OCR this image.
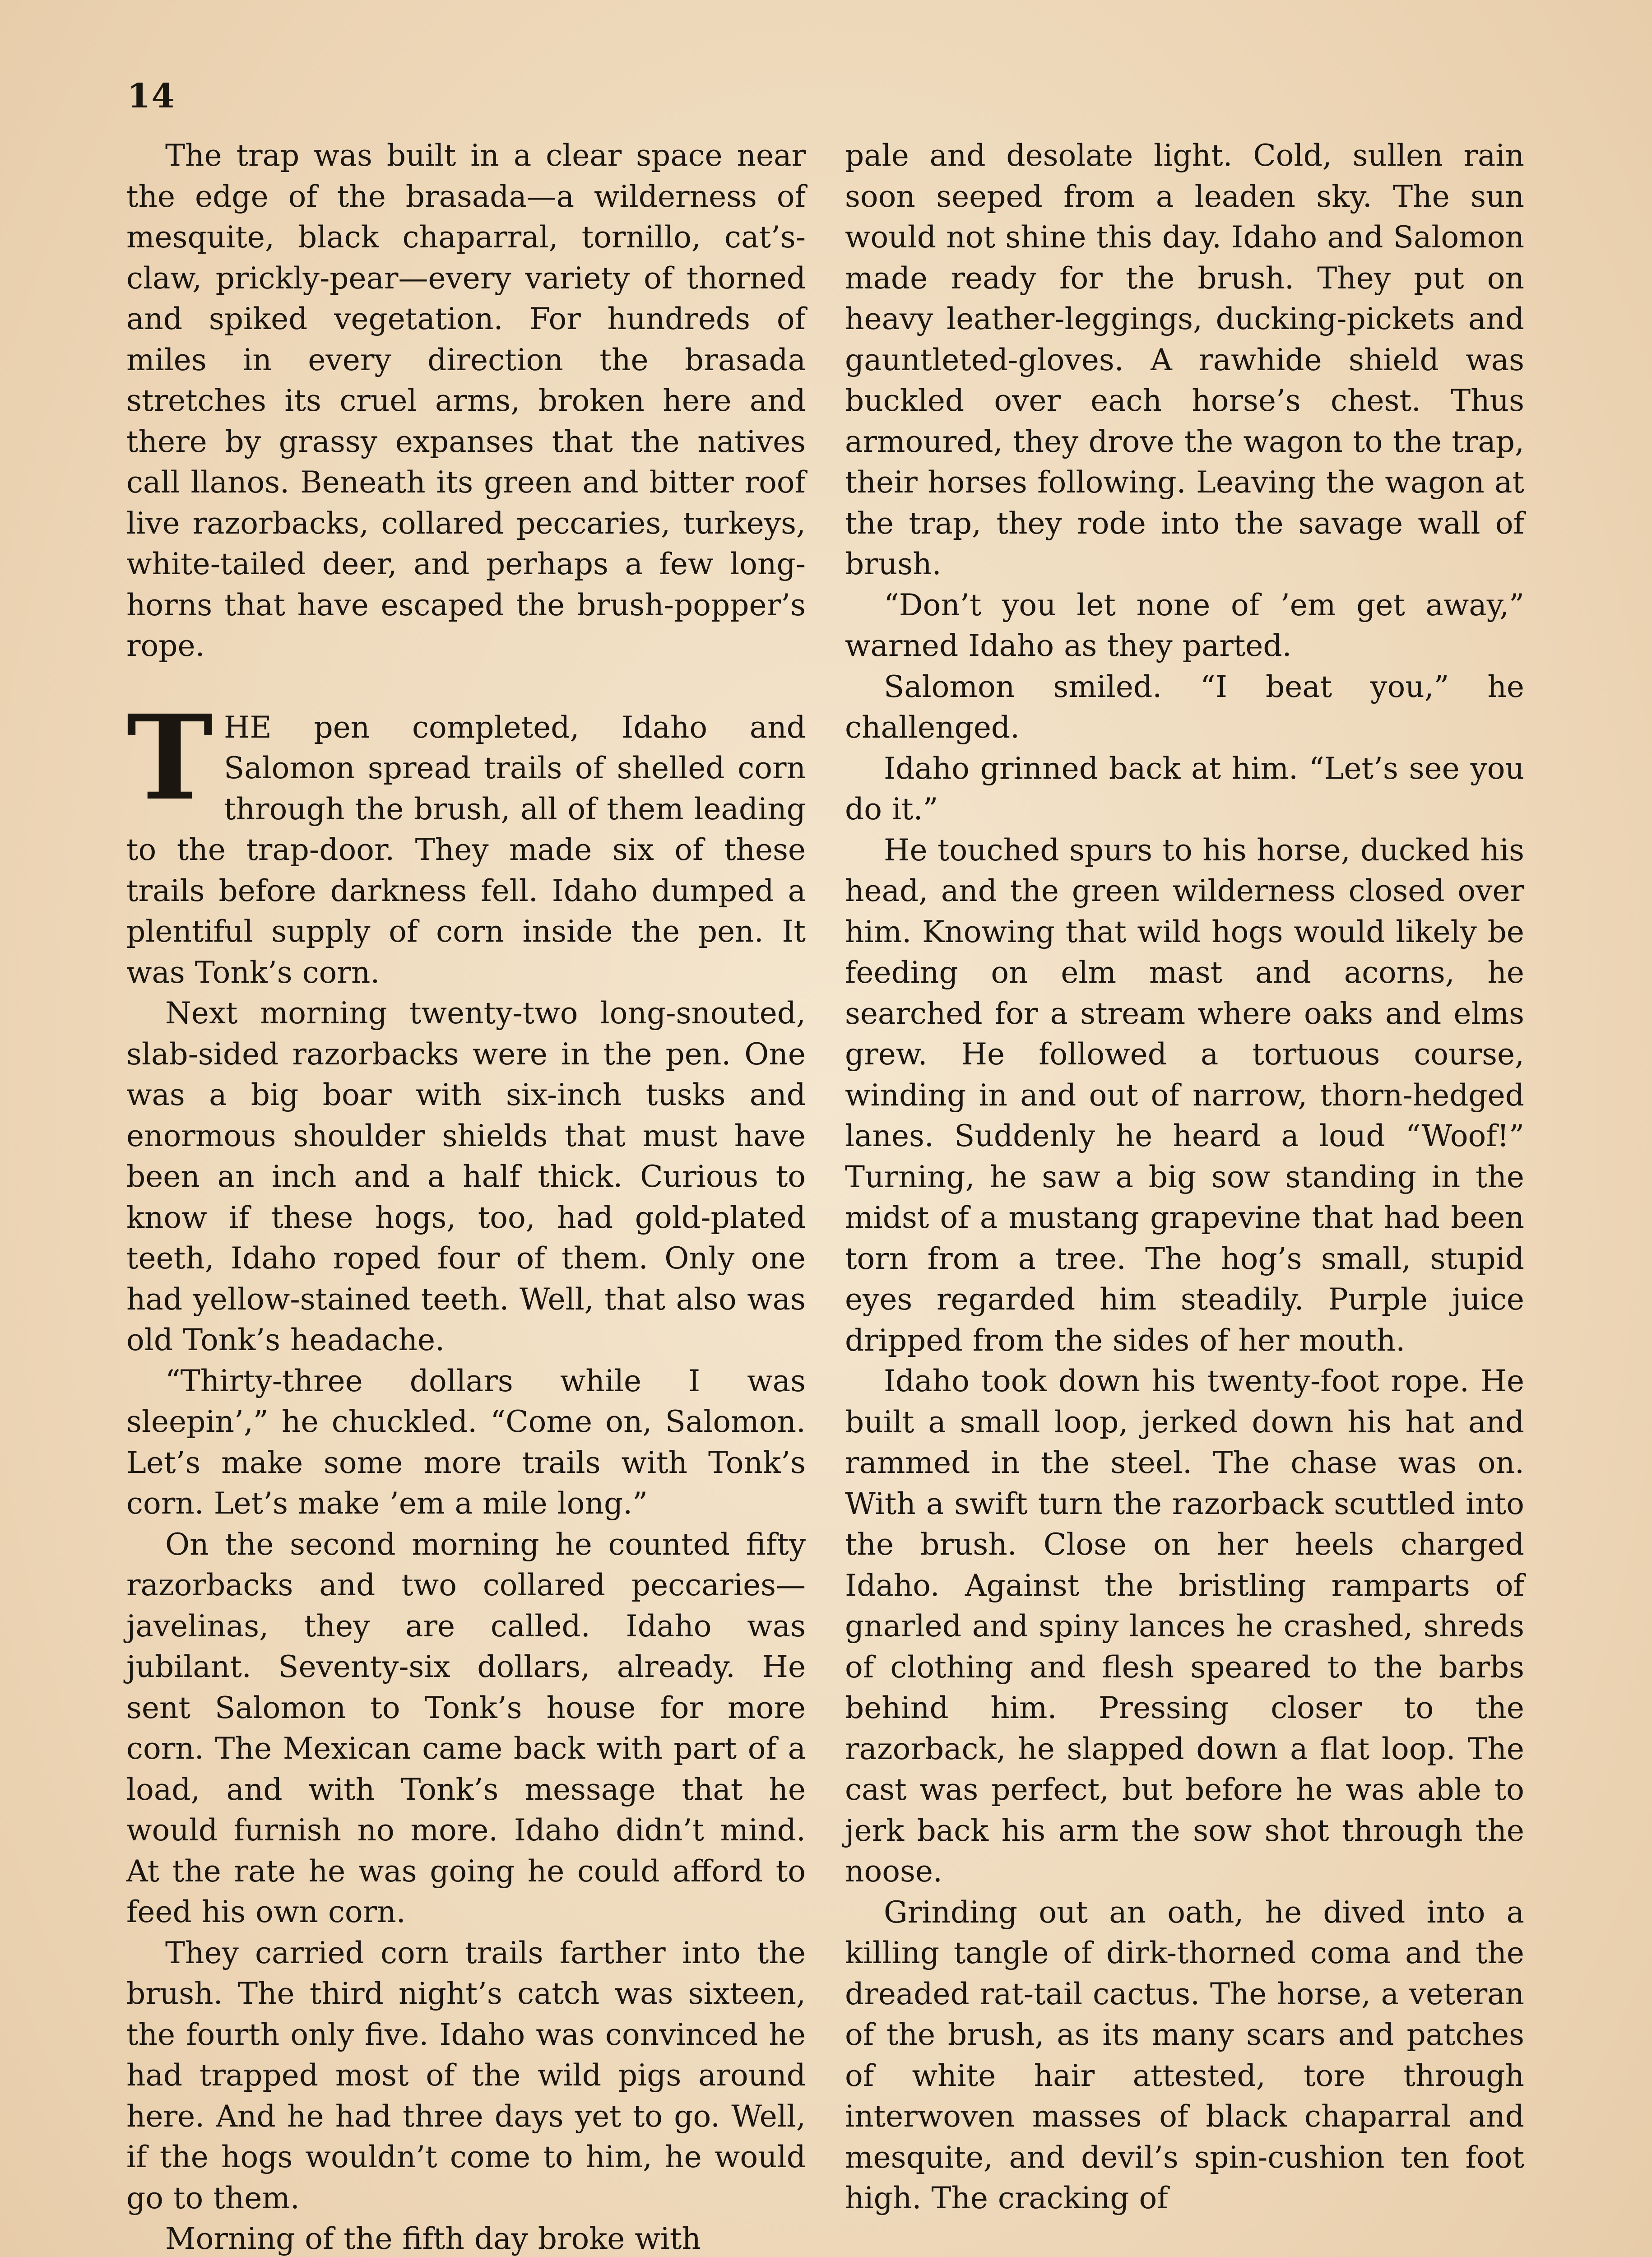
14

The trap was built in a clear space near the edge of the brasada—a wilderness of mesquite, black chaparral, tornillo, cat’s-claw, prickly-pear—every variety of thorned and spiked vegetation. For hundreds of miles in every direction the brasada stretches its cruel arms, broken here and there by grassy expanses that the natives call llanos. Beneath its green and bitter roof live razorbacks, collared peccaries, turkeys, white-tailed deer, and perhaps a few long-horns that have escaped the brush-popper’s rope.

THE pen completed, Idaho and Salomon spread trails of shelled corn through the brush, all of them leading to the trap-door. They made six of these trails before darkness fell. Idaho dumped a plentiful supply of corn inside the pen. It was Tonk’s corn.

Next morning twenty-two long-snouted, slab-sided razorbacks were in the pen. One was a big boar with six-inch tusks and enormous shoulder shields that must have been an inch and a half thick. Curious to know if these hogs, too, had gold-plated teeth, Idaho roped four of them. Only one had yellow-stained teeth. Well, that also was old Tonk’s headache.

“Thirty-three dollars while I was sleepin’,” he chuckled. “Come on, Salomon. Let’s make some more trails with Tonk’s corn. Let’s make ’em a mile long.”

On the second morning he counted fifty razorbacks and two collared peccaries—javelinas, they are called. Idaho was jubilant. Seventy-six dollars, already. He sent Salomon to Tonk’s house for more corn. The Mexican came back with part of a load, and with Tonk’s message that he would furnish no more. Idaho didn’t mind. At the rate he was going he could afford to feed his own corn.

They carried corn trails farther into the brush. The third night’s catch was sixteen, the fourth only five. Idaho was convinced he had trapped most of the wild pigs around here. And he had three days yet to go. Well, if the hogs wouldn’t come to him, he would go to them.

Morning of the fifth day broke with

pale and desolate light. Cold, sullen rain soon seeped from a leaden sky. The sun would not shine this day. Idaho and Salomon made ready for the brush. They put on heavy leather-leggings, ducking-pickets and gauntleted-gloves. A rawhide shield was buckled over each horse’s chest. Thus armoured, they drove the wagon to the trap, their horses following. Leaving the wagon at the trap, they rode into the savage wall of brush.

“Don’t you let none of ’em get away,” warned Idaho as they parted.

Salomon smiled. “I beat you,” he challenged.

Idaho grinned back at him. “Let’s see you do it.”

He touched spurs to his horse, ducked his head, and the green wilderness closed over him. Knowing that wild hogs would likely be feeding on elm mast and acorns, he searched for a stream where oaks and elms grew. He followed a tortuous course, winding in and out of narrow, thorn-hedged lanes. Suddenly he heard a loud “Woof!” Turning, he saw a big sow standing in the midst of a mustang grapevine that had been torn from a tree. The hog’s small, stupid eyes regarded him steadily. Purple juice dripped from the sides of her mouth.

Idaho took down his twenty-foot rope. He built a small loop, jerked down his hat and rammed in the steel. The chase was on. With a swift turn the razorback scuttled into the brush. Close on her heels charged Idaho. Against the bristling ramparts of gnarled and spiny lances he crashed, shreds of clothing and flesh speared to the barbs behind him. Pressing closer to the razorback, he slapped down a flat loop. The cast was perfect, but before he was able to jerk back his arm the sow shot through the noose.

Grinding out an oath, he dived into a killing tangle of dirk-thorned coma and the dreaded rat-tail cactus. The horse, a veteran of the brush, as its many scars and patches of white hair attested, tore through interwoven masses of black chaparral and mesquite, and devil’s spin-cushion ten foot high. The cracking of
